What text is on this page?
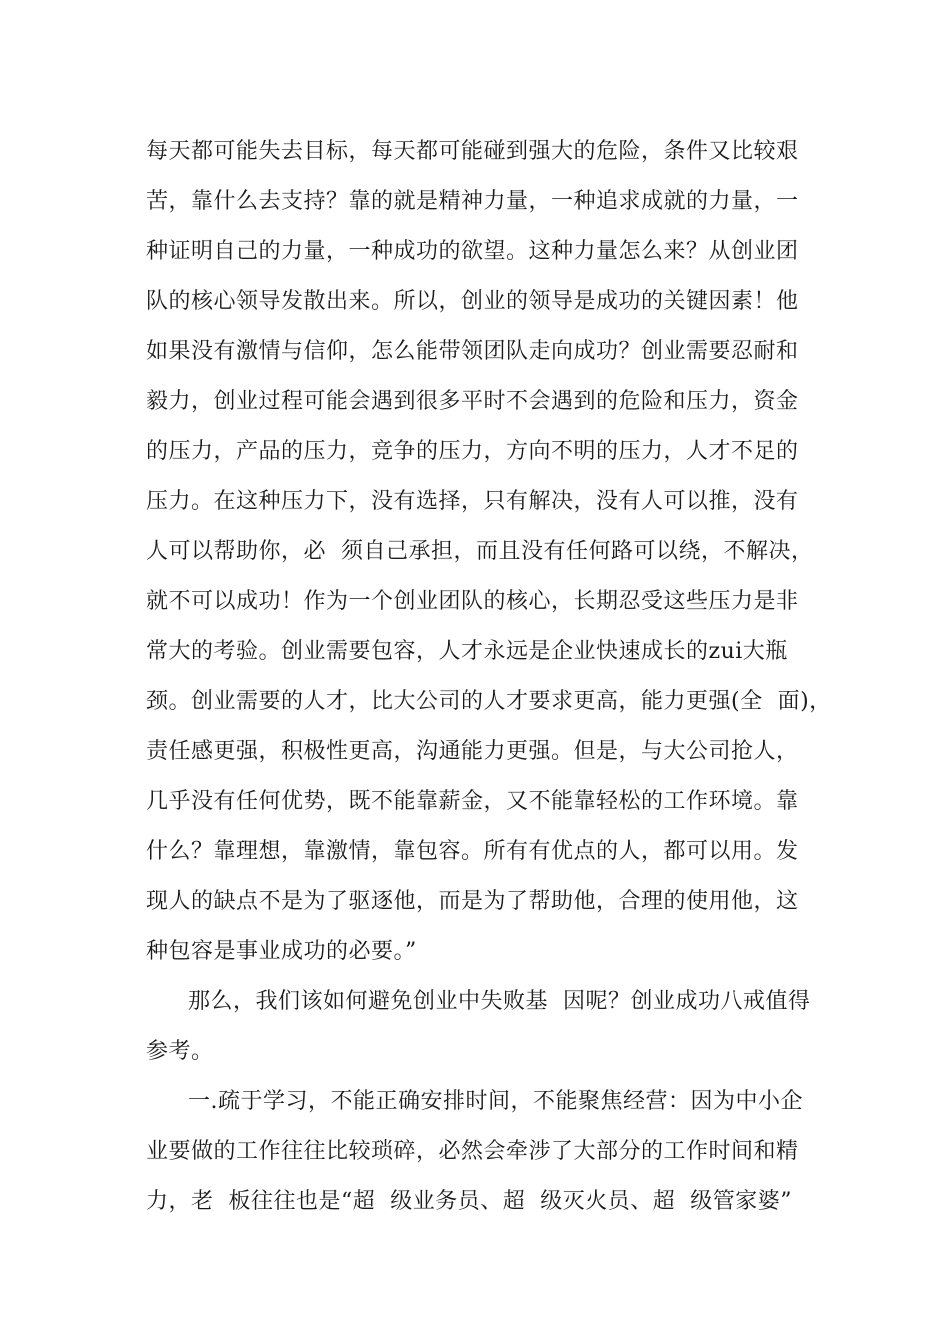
每天都可能失去目标，每天都可能碰到强大的危险，条件又比较艰
苦，靠什么去支持？靠的就是精神力量，一种追求成就的力量，一
种证明自己的力量，一种成功的欲望。这种力量怎么来？从创业团
队的核心领导发散出来。所以，创业的领导是成功的关键因素！他
如果没有激情与信仰，怎么能带领团队走向成功？创业需要忍耐和
毅力，创业过程可能会遇到很多平时不会遇到的危险和压力，资金
的压力，产品的压力，竞争的压力，方向不明的压力，人才不足的
压力。在这种压力下，没有选择，只有解决，没有人可以推，没有
人可以帮助你，必  须自己承担，而且没有任何路可以绕，不解决，
就不可以成功！作为一个创业团队的核心，长期忍受这些压力是非
常大的考验。创业需要包容，人才永远是企业快速成长的zui大瓶
颈。创业需要的人才，比大公司的人才要求更高，能力更强(全  面)，
责任感更强，积极性更高，沟通能力更强。但是，与大公司抢人，
几乎没有任何优势，既不能靠薪金，又不能靠轻松的工作环境。靠
什么？靠理想，靠激情，靠包容。所有有优点的人，都可以用。发
现人的缺点不是为了驱逐他，而是为了帮助他，合理的使用他，这
种包容是事业成功的必要。”
那么，我们该如何避免创业中失败基  因呢？创业成功八戒值得
参考。
一.疏于学习，不能正确安排时间，不能聚焦经营：因为中小企
业要做的工作往往比较琐碎，必然会牵涉了大部分的工作时间和精
力，老  板往往也是“超  级业务员、超  级灭火员、超  级管家婆”
